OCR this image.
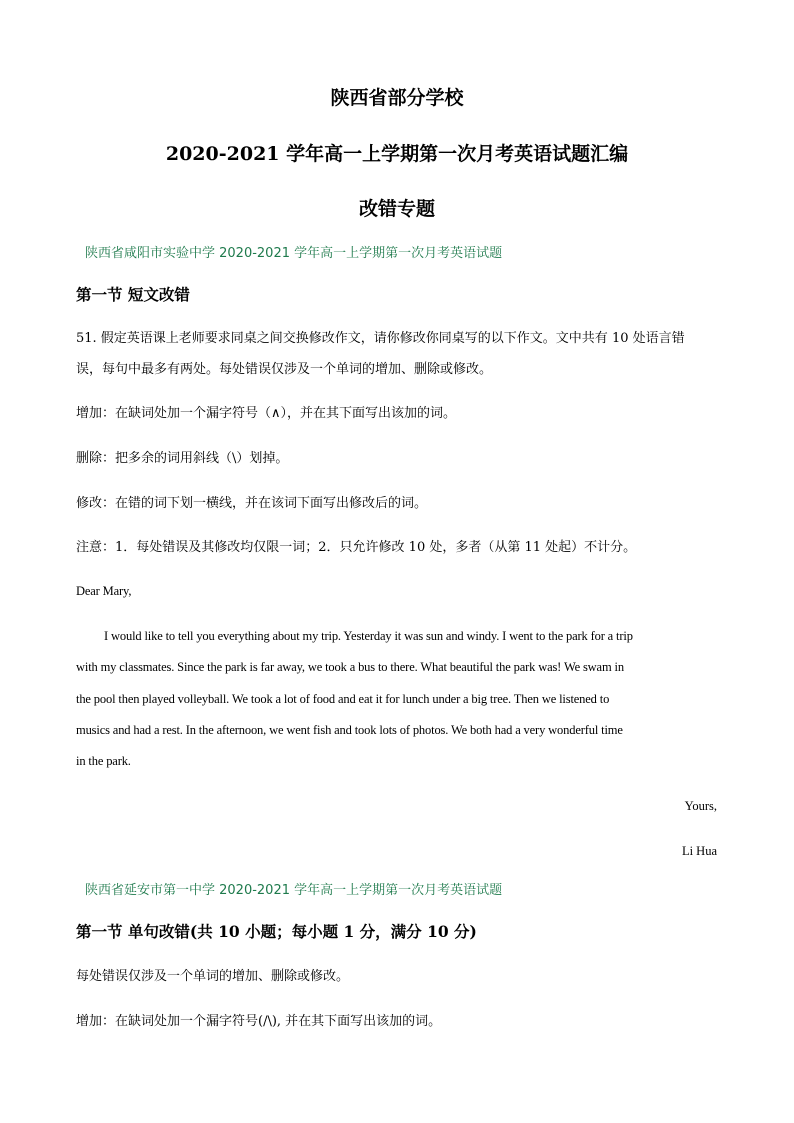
陕西省部分学校
2020-2021 学年高一上学期第一次月考英语试题汇编
改错专题
陕西省咸阳市实验中学 2020-2021 学年高一上学期第一次月考英语试题
第一节 短文改错
51. 假定英语课上老师要求同桌之间交换修改作文，请你修改你同桌写的以下作文。文中共有 10 处语言错
误，每句中最多有两处。每处错误仅涉及一个单词的增加、删除或修改。
增加：在缺词处加一个漏字符号（∧），并在其下面写出该加的词。
删除：把多余的词用斜线（\）划掉。
修改：在错的词下划一横线，并在该词下面写出修改后的词。
注意：1．每处错误及其修改均仅限一词；2．只允许修改 10 处，多者（从第 11 处起）不计分。
Dear Mary,
I would like to tell you everything about my trip. Yesterday it was sun and windy. I went to the park for a trip
with my classmates. Since the park is far away, we took a bus to there. What beautiful the park was! We swam in
the pool then played volleyball. We took a lot of food and eat it for lunch under a big tree. Then we listened to
musics and had a rest. In the afternoon, we went fish and took lots of photos. We both had a very wonderful time
in the park.
Yours,
Li Hua
陕西省延安市第一中学 2020-2021 学年高一上学期第一次月考英语试题
第一节 单句改错(共 10 小题；每小题 1 分，满分 10 分)
每处错误仅涉及一个单词的增加、删除或修改。
增加：在缺词处加一个漏字符号(/\), 并在其下面写出该加的词。
